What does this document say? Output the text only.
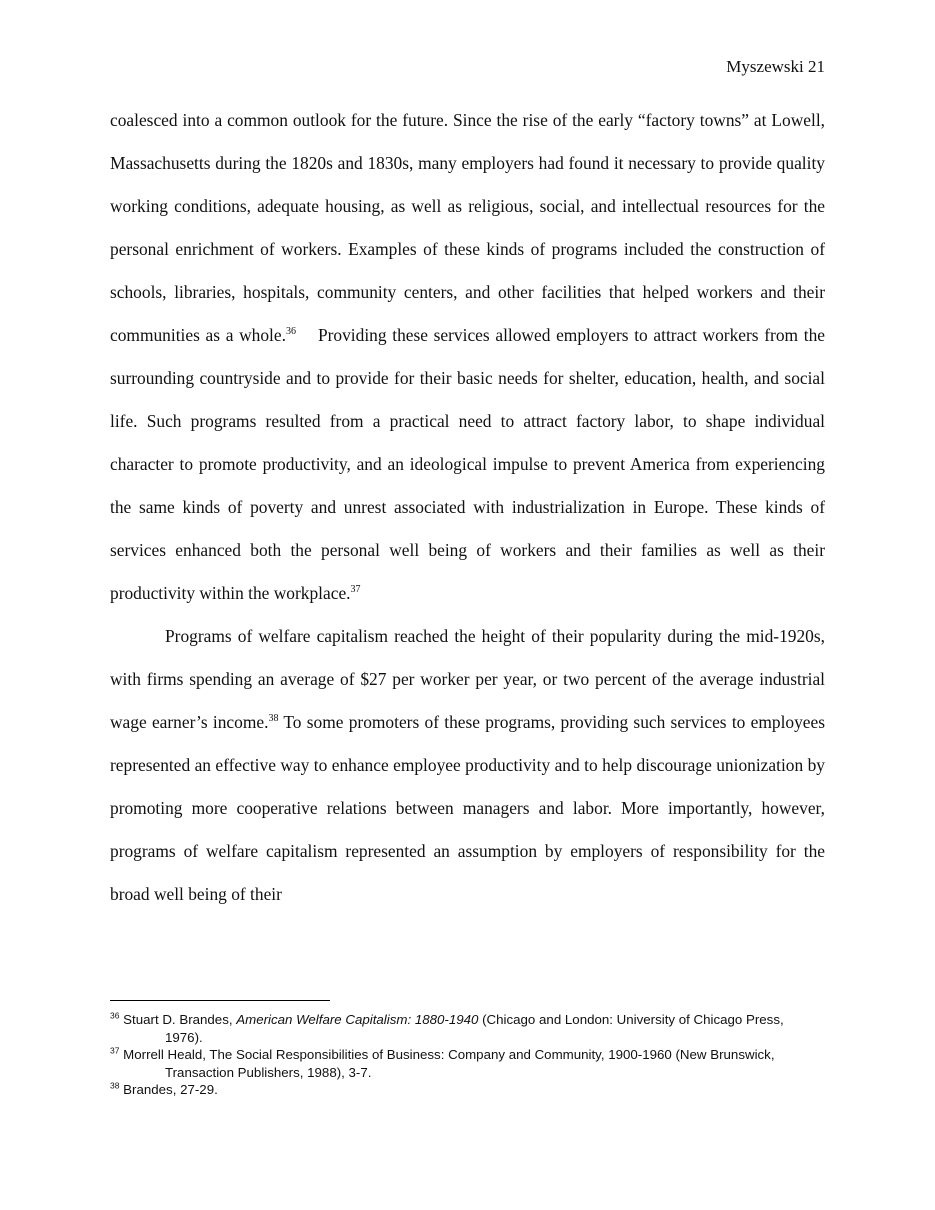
Myszewski 21

coalesced into a common outlook for the future. Since the rise of the early “factory towns” at Lowell, Massachusetts during the 1820s and 1830s, many employers had found it necessary to provide quality working conditions, adequate housing, as well as religious, social, and intellectual resources for the personal enrichment of workers. Examples of these kinds of programs included the construction of schools, libraries, hospitals, community centers, and other facilities that helped workers and their communities as a whole.$^{36}$ Providing these services allowed employers to attract workers from the surrounding countryside and to provide for their basic needs for shelter, education, health, and social life. Such programs resulted from a practical need to attract factory labor, to shape individual character to promote productivity, and an ideological impulse to prevent America from experiencing the same kinds of poverty and unrest associated with industrialization in Europe. These kinds of services enhanced both the personal well being of workers and their families as well as their productivity within the workplace.$^{37}$

Programs of welfare capitalism reached the height of their popularity during the mid-1920s, with firms spending an average of $27 per worker per year, or two percent of the average industrial wage earner’s income.$^{38}$ To some promoters of these programs, providing such services to employees represented an effective way to enhance employee productivity and to help discourage unionization by promoting more cooperative relations between managers and labor. More importantly, however, programs of welfare capitalism represented an assumption by employers of responsibility for the broad well being of their

$^{36}$ Stuart D. Brandes, American Welfare Capitalism: 1880-1940 (Chicago and London: University of Chicago Press, 1976).
$^{37}$ Morrell Heald, The Social Responsibilities of Business: Company and Community, 1900-1960 (New Brunswick, Transaction Publishers, 1988), 3-7.
$^{38}$ Brandes, 27-29.
